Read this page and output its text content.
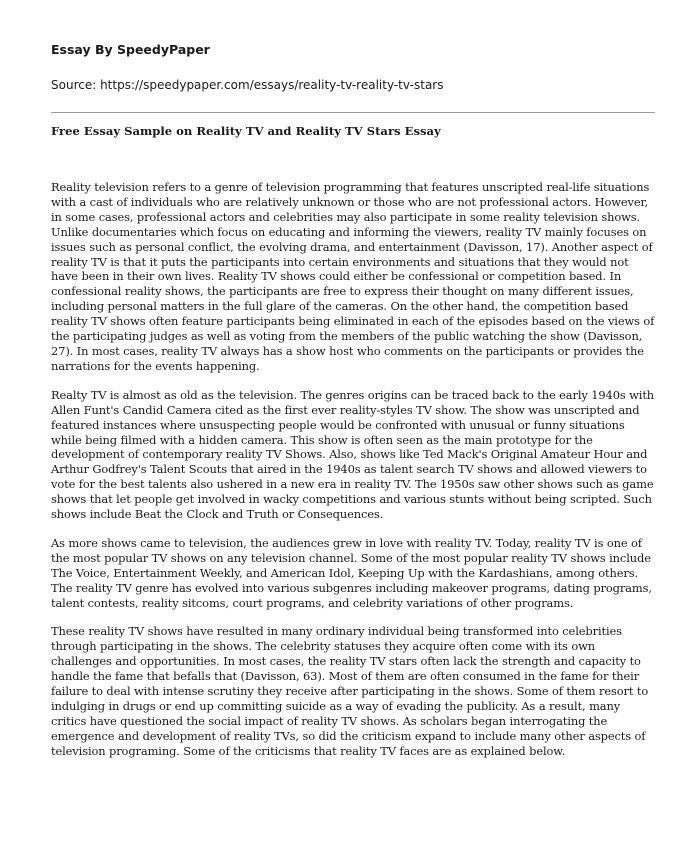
Essay By SpeedyPaper

Source: https://speedypaper.com/essays/reality-tv-reality-tv-stars

Free Essay Sample on Reality TV and Reality TV Stars Essay

Reality television refers to a genre of television programming that features unscripted real-life situations with a cast of individuals who are relatively unknown or those who are not professional actors. However, in some cases, professional actors and celebrities may also participate in some reality television shows. Unlike documentaries which focus on educating and informing the viewers, reality TV mainly focuses on issues such as personal conflict, the evolving drama, and entertainment (Davisson, 17). Another aspect of reality TV is that it puts the participants into certain environments and situations that they would not have been in their own lives. Reality TV shows could either be confessional or competition based. In confessional reality shows, the participants are free to express their thought on many different issues, including personal matters in the full glare of the cameras. On the other hand, the competition based reality TV shows often feature participants being eliminated in each of the episodes based on the views of the participating judges as well as voting from the members of the public watching the show (Davisson, 27). In most cases, reality TV always has a show host who comments on the participants or provides the narrations for the events happening.

Realty TV is almost as old as the television. The genres origins can be traced back to the early 1940s with Allen Funt's Candid Camera cited as the first ever reality-styles TV show. The show was unscripted and featured instances where unsuspecting people would be confronted with unusual or funny situations while being filmed with a hidden camera. This show is often seen as the main prototype for the development of contemporary reality TV Shows. Also, shows like Ted Mack's Original Amateur Hour and Arthur Godfrey's Talent Scouts that aired in the 1940s as talent search TV shows and allowed viewers to vote for the best talents also ushered in a new era in reality TV. The 1950s saw other shows such as game shows that let people get involved in wacky competitions and various stunts without being scripted. Such shows include Beat the Clock and Truth or Consequences.

As more shows came to television, the audiences grew in love with reality TV. Today, reality TV is one of the most popular TV shows on any television channel. Some of the most popular reality TV shows include The Voice, Entertainment Weekly, and American Idol, Keeping Up with the Kardashians, among others. The reality TV genre has evolved into various subgenres including makeover programs, dating programs, talent contests, reality sitcoms, court programs, and celebrity variations of other programs.

These reality TV shows have resulted in many ordinary individual being transformed into celebrities through participating in the shows. The celebrity statuses they acquire often come with its own challenges and opportunities. In most cases, the reality TV stars often lack the strength and capacity to handle the fame that befalls that (Davisson, 63). Most of them are often consumed in the fame for their failure to deal with intense scrutiny they receive after participating in the shows. Some of them resort to indulging in drugs or end up committing suicide as a way of evading the publicity. As a result, many critics have questioned the social impact of reality TV shows. As scholars began interrogating the emergence and development of reality TVs, so did the criticism expand to include many other aspects of television programing. Some of the criticisms that reality TV faces are as explained below.
